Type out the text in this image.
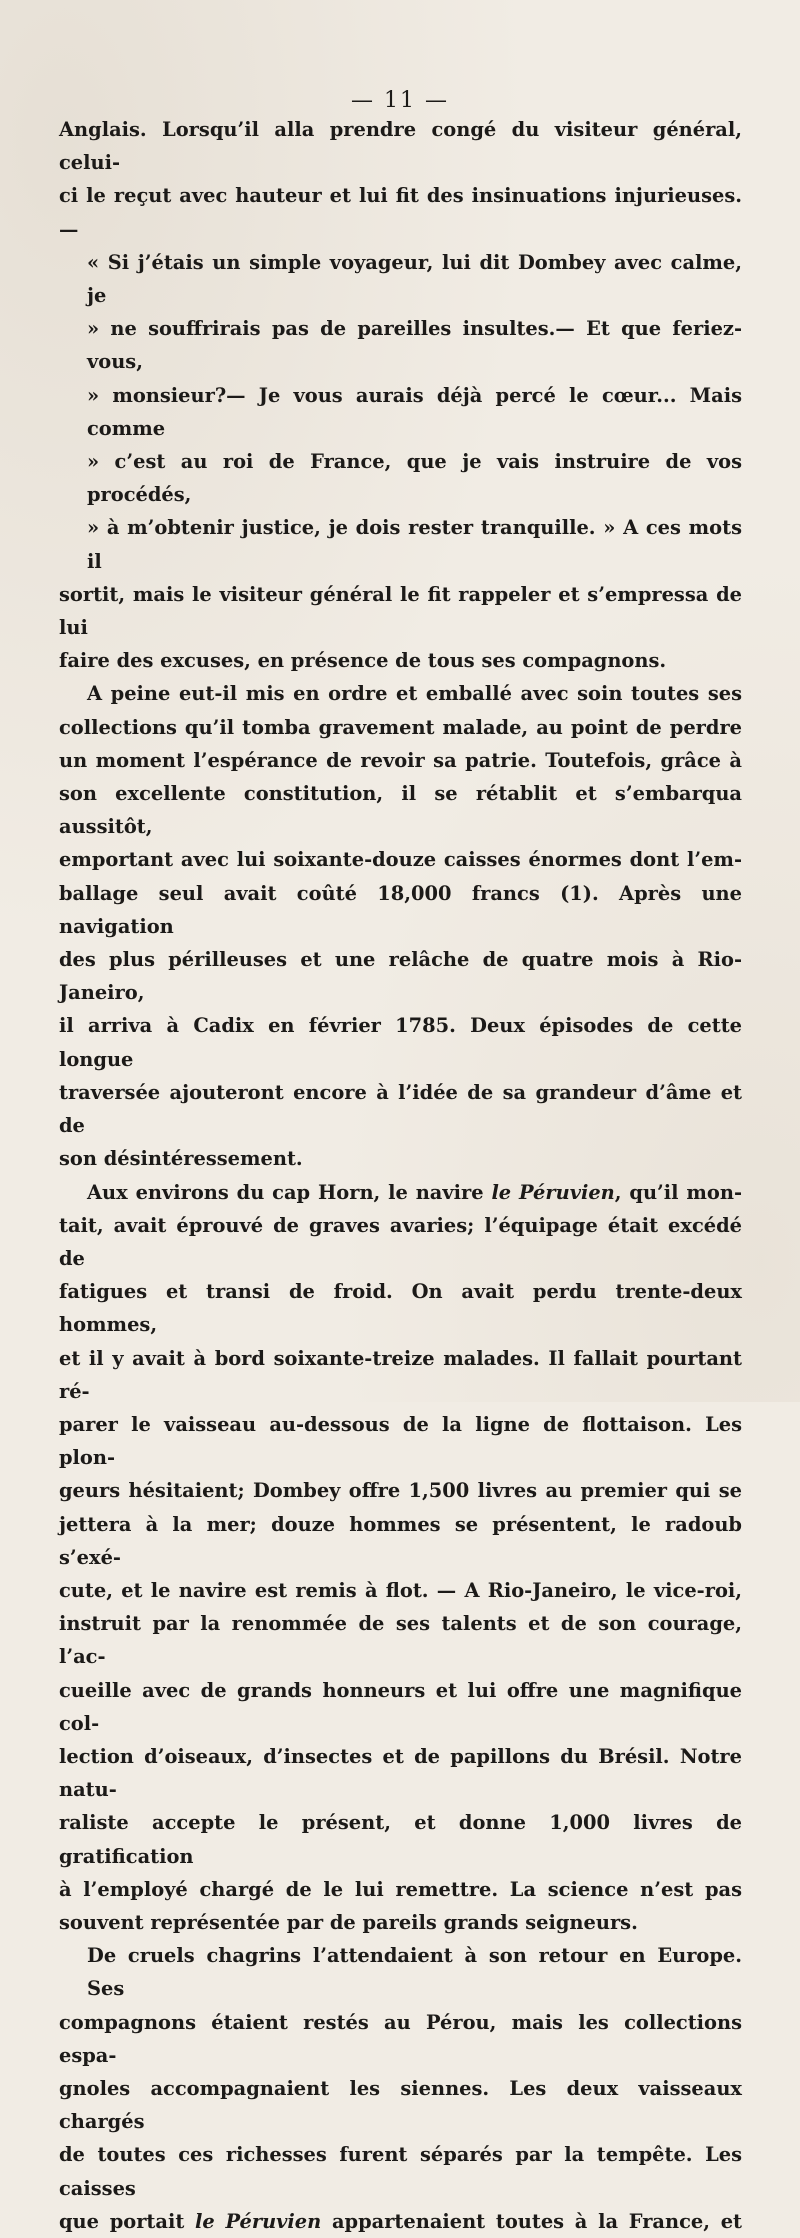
— 11 —
Anglais. Lorsqu’il alla prendre congé du visiteur général, celui-
ci le reçut avec hauteur et lui fit des insinuations injurieuses.—
« Si j’étais un simple voyageur, lui dit Dombey avec calme, je
» ne souffrirais pas de pareilles insultes.— Et que feriez-vous,
» monsieur?— Je vous aurais déjà percé le cœur... Mais comme
» c’est au roi de France, que je vais instruire de vos procédés,
» à m’obtenir justice, je dois rester tranquille. » A ces mots il
sortit, mais le visiteur général le fit rappeler et s’empressa de lui
faire des excuses, en présence de tous ses compagnons.
A peine eut-il mis en ordre et emballé avec soin toutes ses
collections qu’il tomba gravement malade, au point de perdre
un moment l’espérance de revoir sa patrie. Toutefois, grâce à
son excellente constitution, il se rétablit et s’embarqua aussitôt,
emportant avec lui soixante-douze caisses énormes dont l’em-
ballage seul avait coûté 18,000 francs (1). Après une navigation
des plus périlleuses et une relâche de quatre mois à Rio-Janeiro,
il arriva à Cadix en février 1785. Deux épisodes de cette longue
traversée ajouteront encore à l’idée de sa grandeur d’âme et de
son désintéressement.
Aux environs du cap Horn, le navire le Péruvien, qu’il mon-
tait, avait éprouvé de graves avaries; l’équipage était excédé de
fatigues et transi de froid. On avait perdu trente-deux hommes,
et il y avait à bord soixante-treize malades. Il fallait pourtant ré-
parer le vaisseau au-dessous de la ligne de flottaison. Les plon-
geurs hésitaient; Dombey offre 1,500 livres au premier qui se
jettera à la mer; douze hommes se présentent, le radoub s’exé-
cute, et le navire est remis à flot. — A Rio-Janeiro, le vice-roi,
instruit par la renommée de ses talents et de son courage, l’ac-
cueille avec de grands honneurs et lui offre une magnifique col-
lection d’oiseaux, d’insectes et de papillons du Brésil. Notre natu-
raliste accepte le présent, et donne 1,000 livres de gratification
à l’employé chargé de le lui remettre. La science n’est pas
souvent représentée par de pareils grands seigneurs.
De cruels chagrins l’attendaient à son retour en Europe. Ses
compagnons étaient restés au Pérou, mais les collections espa-
gnoles accompagnaient les siennes. Les deux vaisseaux chargés
de toutes ces richesses furent séparés par la tempête. Les caisses
que portait le Péruvien appartenaient toutes à la France, et
